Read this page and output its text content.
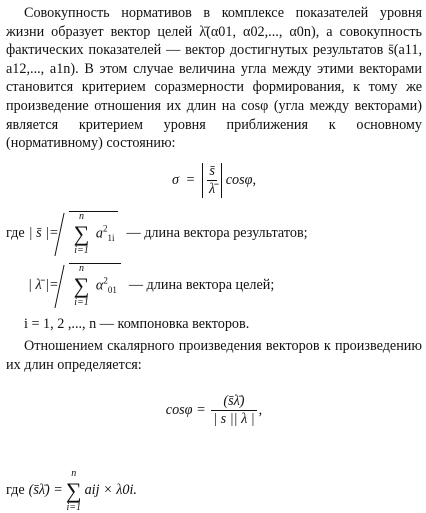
Совокупность нормативов в комплексе показателей уровня жизни образует вектор целей λ̄(α01, α02,..., α0n), а совокупность фактических показателей — вектор достигнутых результатов s̄(a11, a12,..., a1n). В этом случае величина угла между этими векторами становится критерием соразмерности формирования, к тому же произведение отношения их длин на cosφ (угла между векторами) является критерием уровня приближения к основному (нормативному) состоянию:

$\sigma = \frac{s̄}{\lambdā} \cos\varphi$,
где | s̄ |=
n
∑
i=1
$a^2_{1i}$ — длина вектора результатов;
| λ̄ |=
n
∑
i=1
$\alpha^2_{01}$ — длина вектора целей;

i = 1, 2 ,..., n — компоновка векторов.

Отношением скалярного произведения векторов к произведению их длин определяется:

$\cos\varphi = \frac{(s̄\lambdā)}{| s || \lambda |}$ ,
где (s̄λ̄) =
n
∑
i=1
aij × λ0i.
